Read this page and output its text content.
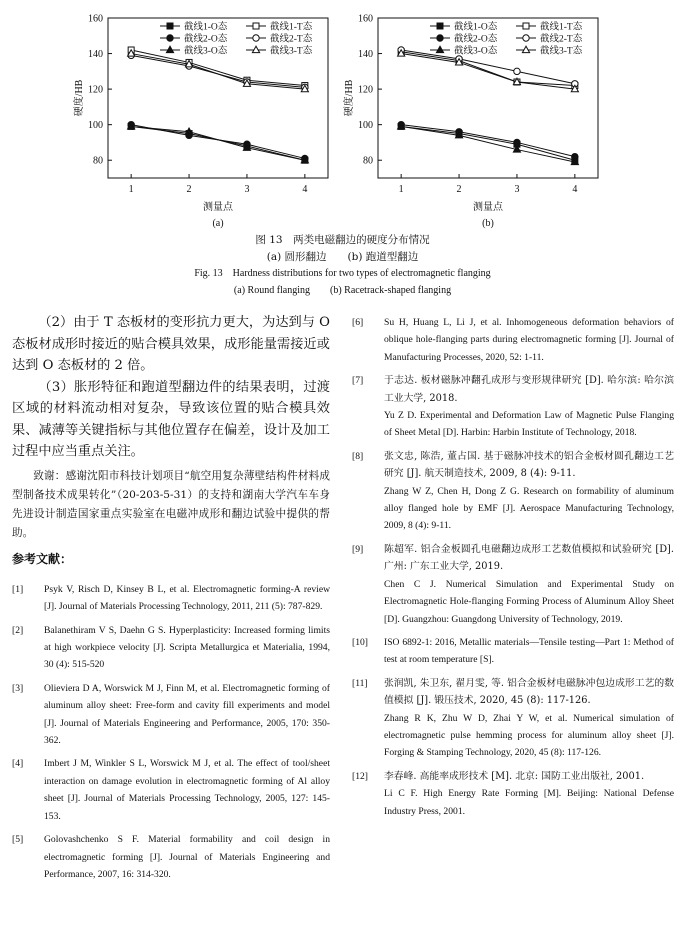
80
100
120
140
160
1	2	3	4
测量点
硬度/HB
(a)
截线1-O态	截线1-T态
截线2-O态	截线2-T态
截线3-O态	截线3-T态
80
100
120
140
160
1	2	3	4
测量点
硬度/HB
(b)
截线1-O态	截线1-T态
截线2-O态	截线2-T态
截线3-O态	截线3-T态
图 13　两类电磁翻边的硬度分布情况
(a) 圆形翻边　　(b) 跑道型翻边
Fig. 13　Hardness distributions for two types of electromagnetic flanging
(a) Round flanging　　(b) Racetrack-shaped flanging

（2）由于 T 态板材的变形抗力更大，为达到与 O 态板材成形时接近的贴合模具效果，成形能量需接近或达到 O 态板材的 2 倍。

（3）胀形特征和跑道型翻边件的结果表明，过渡区域的材料流动相对复杂，导致该位置的贴合模具效果、减薄等关键指标与其他位置存在偏差，设计及加工过程中应当重点关注。

致谢：感谢沈阳市科技计划项目“航空用复杂薄壁结构件材料成型制备技术成果转化”（20-203-5-31）的支持和湖南大学汽车车身先进设计制造国家重点实验室在电磁冲成形和翻边试验中提供的帮助。

参考文献：
[1] Psyk V, Risch D, Kinsey B L, et al. Electromagnetic forming-A review [J]. Journal of Materials Processing Technology, 2011, 211 (5): 787-829.
[2] Balanethiram V S, Daehn G S. Hyperplasticity: Increased forming limits at high workpiece velocity [J]. Scripta Metallurgica et Materialia, 1994, 30 (4): 515-520
[3] Olieviera D A, Worswick M J, Finn M, et al. Electromagnetic forming of aluminum alloy sheet: Free-form and cavity fill experiments and model [J]. Journal of Materials Engineering and Performance, 2005, 170: 350-362.
[4] Imbert J M, Winkler S L, Worswick M J, et al. The effect of tool/sheet interaction on damage evolution in electromagnetic forming of Al alloy sheet [J]. Journal of Materials Processing Technology, 2005, 127: 145-153.
[5] Golovashchenko S F. Material formability and coil design in electromagnetic forming [J]. Journal of Materials Engineering and Performance, 2007, 16: 314-320.
[6] Su H, Huang L, Li J, et al. Inhomogeneous deformation behaviors of oblique hole-flanging parts during electromagnetic forming [J]. Journal of Manufacturing Processes, 2020, 52: 1-11.
[7] 于志达. 板材磁脉冲翻孔成形与变形规律研究 [D]. 哈尔滨: 哈尔滨工业大学, 2018.
Yu Z D. Experimental and Deformation Law of Magnetic Pulse Flanging of Sheet Metal [D]. Harbin: Harbin Institute of Technology, 2018.
[8] 张文忠, 陈浩, 董占国. 基于磁脉冲技术的铝合金板材圆孔翻边工艺研究 [J]. 航天制造技术, 2009, 8 (4): 9-11.
Zhang W Z, Chen H, Dong Z G. Research on formability of aluminum alloy flanged hole by EMF [J]. Aerospace Manufacturing Technology, 2009, 8 (4): 9-11.
[9] 陈超军. 铝合金板圆孔电磁翻边成形工艺数值模拟和试验研究 [D]. 广州: 广东工业大学, 2019.
Chen C J. Numerical Simulation and Experimental Study on Electromagnetic Hole-flanging Forming Process of Aluminum Alloy Sheet [D]. Guangzhou: Guangdong University of Technology, 2019.
[10] ISO 6892-1: 2016, Metallic materials—Tensile testing—Part 1: Method of test at room temperature [S].
[11] 张润凯, 朱卫东, 翟月雯, 等. 铝合金板材电磁脉冲包边成形工艺的数值模拟 [J]. 锻压技术, 2020, 45 (8): 117-126.
Zhang R K, Zhu W D, Zhai Y W, et al. Numerical simulation of electromagnetic pulse hemming process for aluminum alloy sheet [J]. Forging & Stamping Technology, 2020, 45 (8): 117-126.
[12] 李春峰. 高能率成形技术 [M]. 北京: 国防工业出版社, 2001.
Li C F. High Energy Rate Forming [M]. Beijing: National Defense Industry Press, 2001.
